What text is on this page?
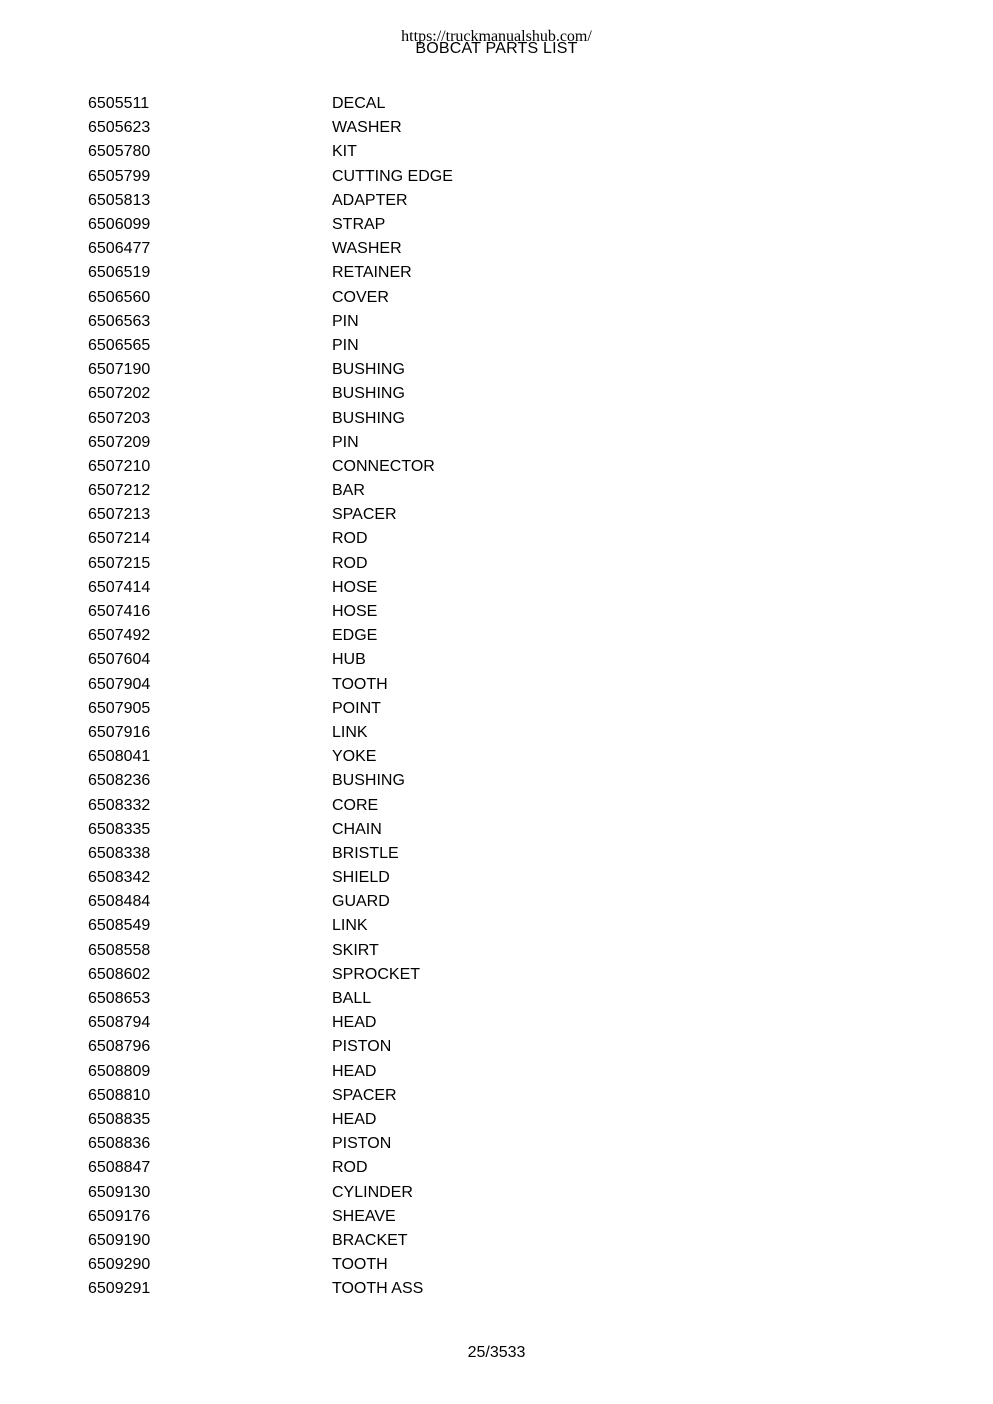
https://truckmanualshub.com/
BOBCAT PARTS LIST
6505511	DECAL
6505623	WASHER
6505780	KIT
6505799	CUTTING EDGE
6505813	ADAPTER
6506099	STRAP
6506477	WASHER
6506519	RETAINER
6506560	COVER
6506563	PIN
6506565	PIN
6507190	BUSHING
6507202	BUSHING
6507203	BUSHING
6507209	PIN
6507210	CONNECTOR
6507212	BAR
6507213	SPACER
6507214	ROD
6507215	ROD
6507414	HOSE
6507416	HOSE
6507492	EDGE
6507604	HUB
6507904	TOOTH
6507905	POINT
6507916	LINK
6508041	YOKE
6508236	BUSHING
6508332	CORE
6508335	CHAIN
6508338	BRISTLE
6508342	SHIELD
6508484	GUARD
6508549	LINK
6508558	SKIRT
6508602	SPROCKET
6508653	BALL
6508794	HEAD
6508796	PISTON
6508809	HEAD
6508810	SPACER
6508835	HEAD
6508836	PISTON
6508847	ROD
6509130	CYLINDER
6509176	SHEAVE
6509190	BRACKET
6509290	TOOTH
6509291	TOOTH ASS
25/3533
